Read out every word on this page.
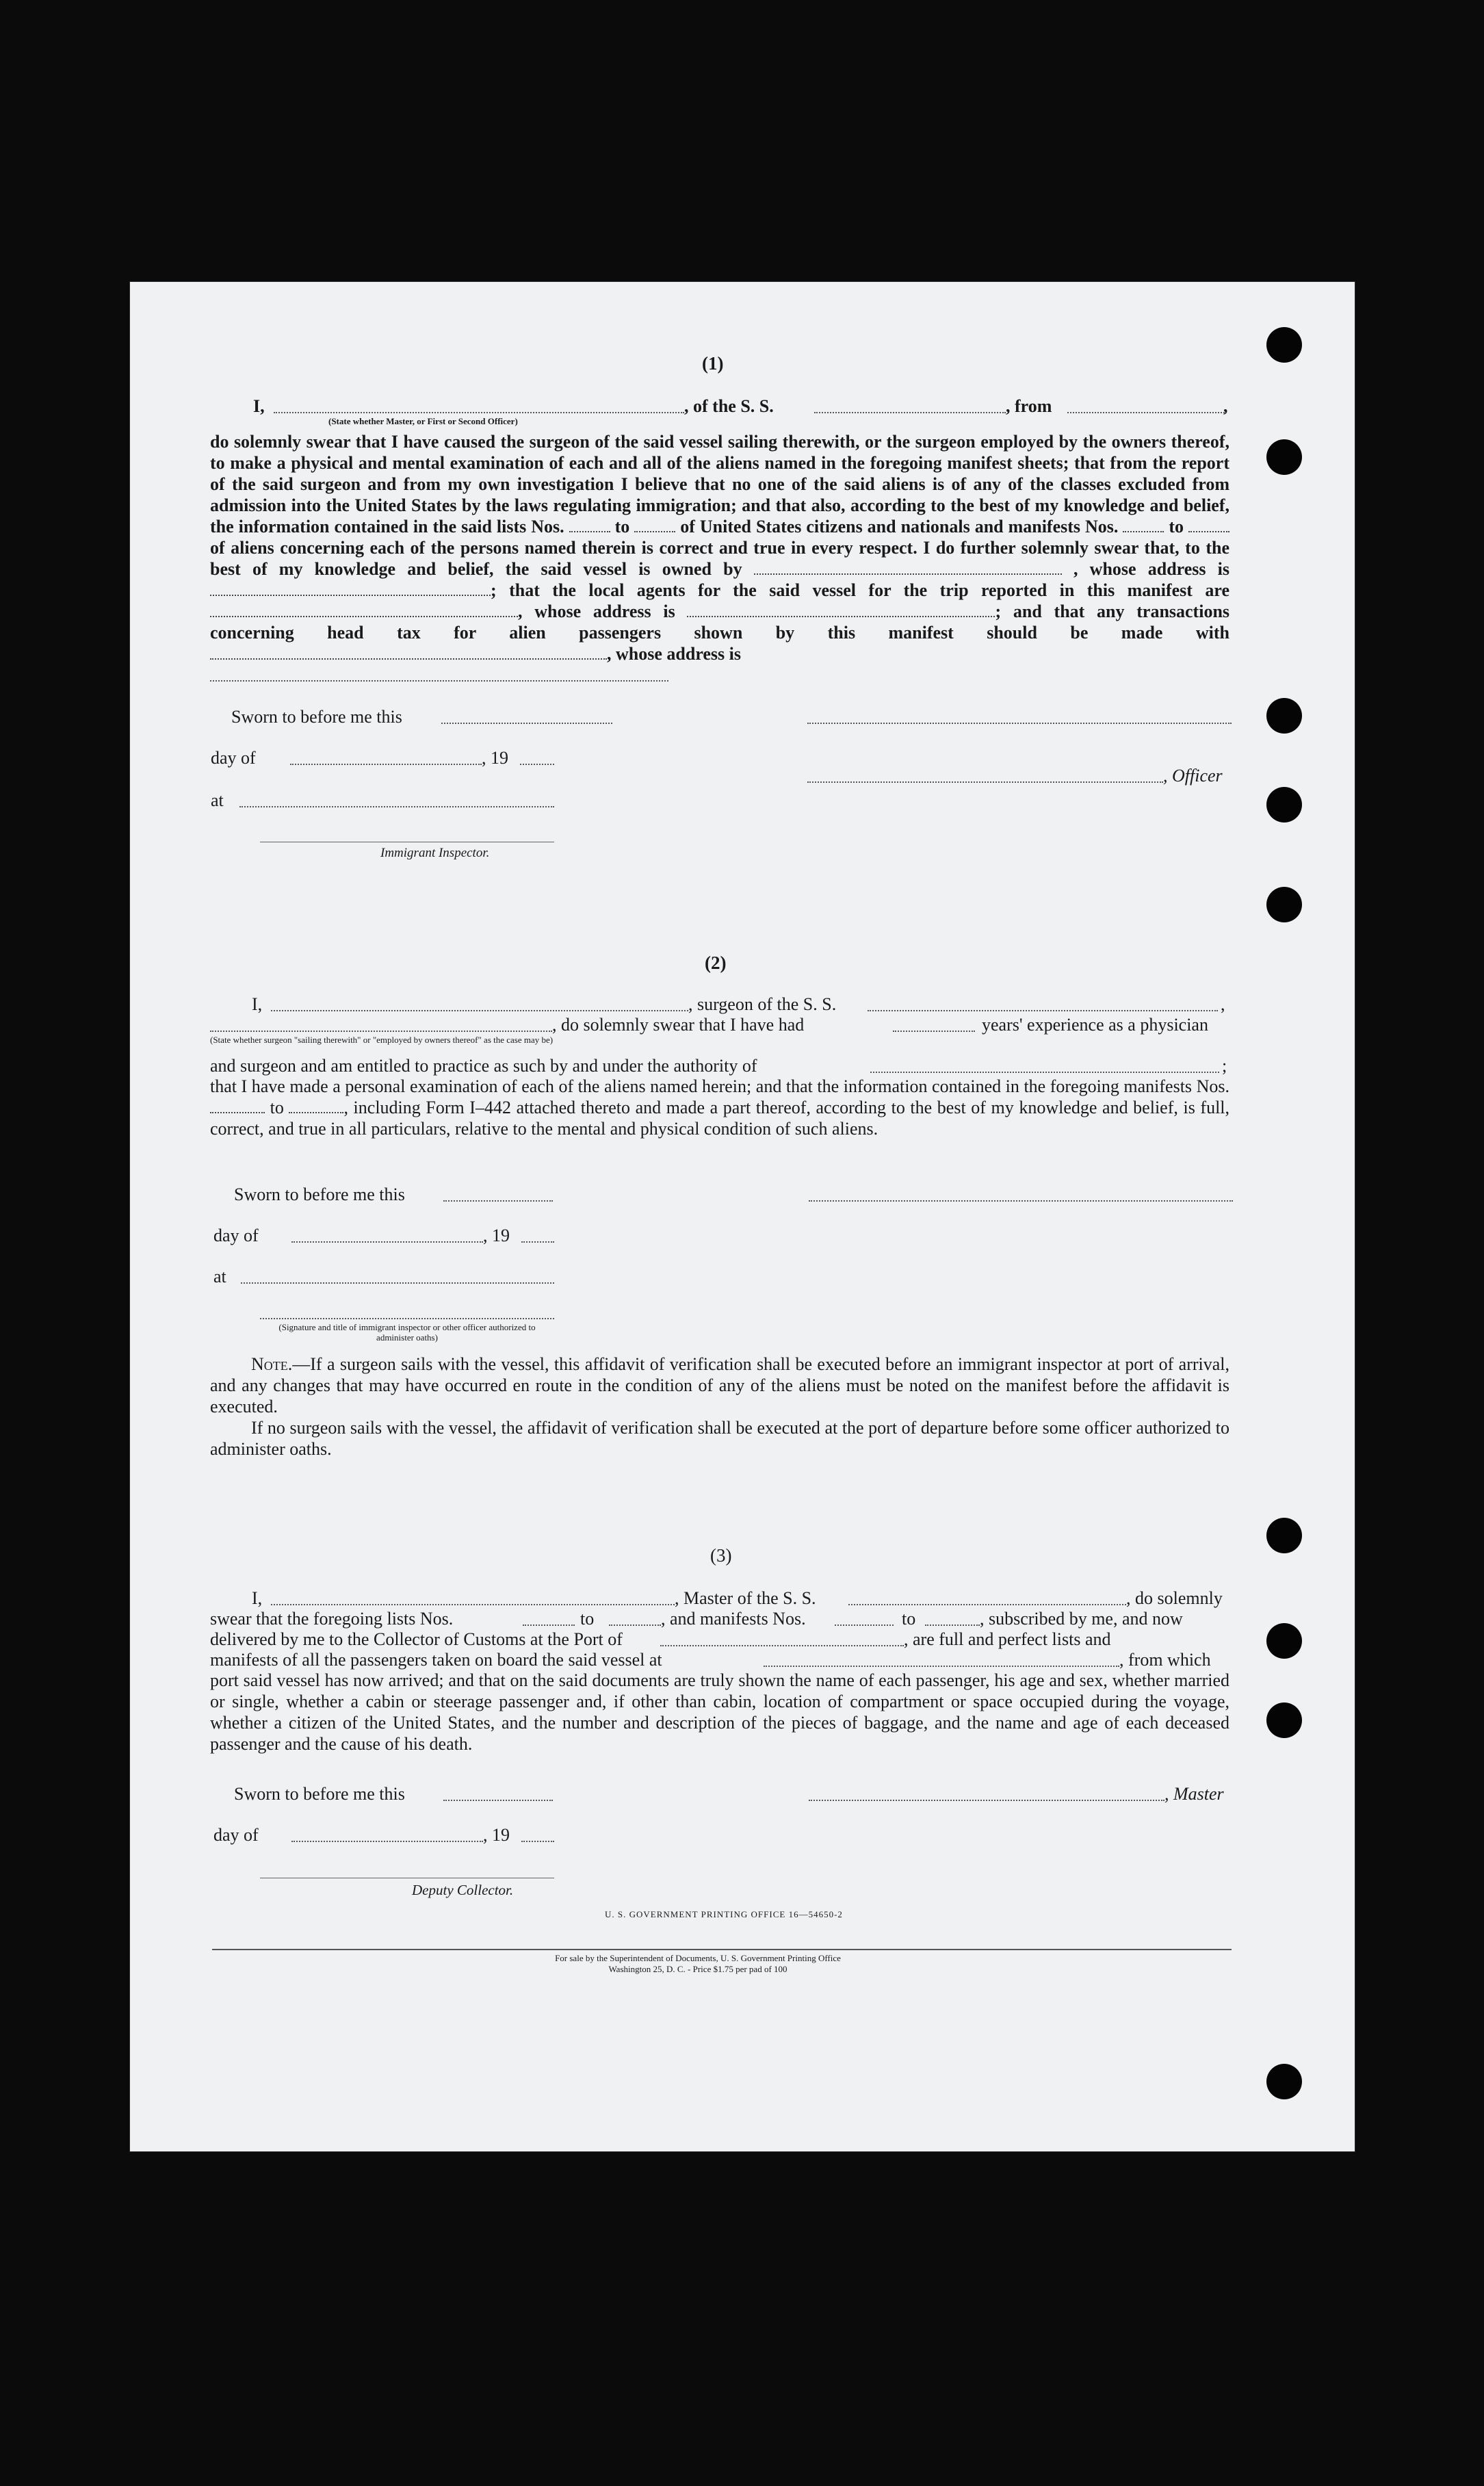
(1)
I,	, of the S. S.	, from	,
(State whether Master, or First or Second Officer)
do solemnly swear that I have caused the surgeon of the said vessel sailing therewith, or the surgeon employed by the owners thereof, to make a physical and mental examination of each and all of the aliens named in the foregoing manifest sheets; that from the report of the said surgeon and from my own investigation I believe that no one of the said aliens is of any of the classes excluded from admission into the United States by the laws regulating immigration; and that also, according to the best of my knowledge and belief, the information contained in the said lists Nos.	to	of United States citizens and nationals and manifests Nos.	to  of aliens concerning each of the persons named therein is correct and true in every respect. I do further solemnly swear that, to the best of my knowledge and belief, the said vessel is owned by	, whose address is ; that the local agents for the said vessel for the trip reported in this manifest are , whose address is	; and that any transactions concerning head tax for alien passengers shown by this manifest should be made with , whose address is
Sworn to before me this
day of	, 19
, Officer
at
Immigrant Inspector.
(2)
I,	, surgeon of the S. S.	,
, do solemnly swear that I have had	years' experience as a physician
(State whether surgeon "sailing therewith" or "employed by owners thereof" as the case may be)
and surgeon and am entitled to practice as such by and under the authority of	;
that I have made a personal examination of each of the aliens named herein; and that the information contained in the foregoing manifests Nos.  to	, including Form I–442 attached thereto and made a part thereof, according to the best of my knowledge and belief, is full, correct, and true in all particulars, relative to the mental and physical condition of such aliens.
Sworn to before me this
day of	, 19
at
(Signature and title of immigrant inspector or other officer authorized to administer oaths)
Note.—If a surgeon sails with the vessel, this affidavit of verification shall be executed before an immigrant inspector at port of arrival, and any changes that may have occurred en route in the condition of any of the aliens must be noted on the manifest before the affidavit is executed.
If no surgeon sails with the vessel, the affidavit of verification shall be executed at the port of departure before some officer authorized to administer oaths.
(3)
I,	, Master of the S. S.	, do solemnly
swear that the foregoing lists Nos.	to	, and manifests Nos.	to	, subscribed by me, and now
delivered by me to the Collector of Customs at the Port of	, are full and perfect lists and
manifests of all the passengers taken on board the said vessel at	, from which
port said vessel has now arrived; and that on the said documents are truly shown the name of each passenger, his age and sex, whether married or single, whether a cabin or steerage passenger and, if other than cabin, location of compartment or space occupied during the voyage, whether a citizen of the United States, and the number and description of the pieces of baggage, and the name and age of each deceased passenger and the cause of his death.
Sworn to before me this	, Master
day of	, 19
Deputy Collector.
U. S. GOVERNMENT PRINTING OFFICE 16—54650-2
For sale by the Superintendent of Documents, U. S. Government Printing Office
Washington 25, D. C. - Price $1.75 per pad of 100
